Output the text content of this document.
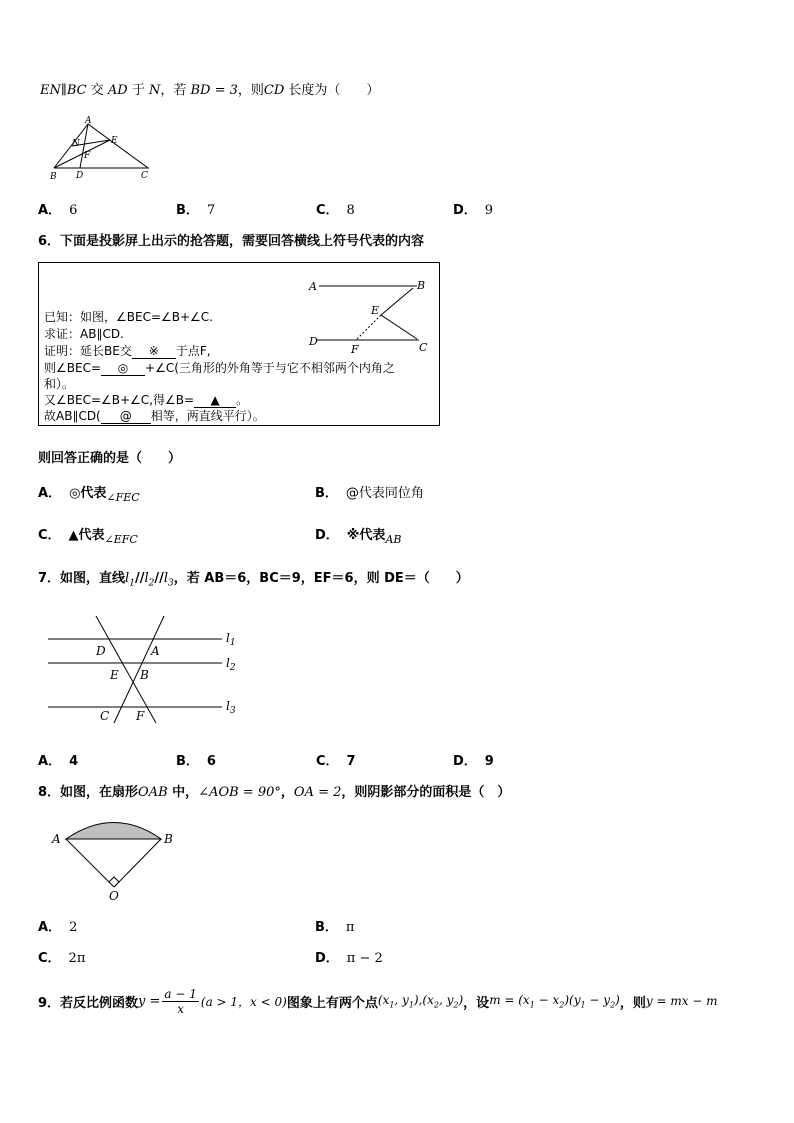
EN∥BC 交 AD 于 N，若 BD = 3，则CD 长度为（　　）
A
E
N
F
B D	C
A． 6	B． 7	C． 8	D． 9
6．下面是投影屏上出示的抢答题，需要回答横线上符号代表的内容
A	B
E
D
F	C
已知：如图，∠BEC=∠B+∠C.
求证：AB∥CD.
证明：延长BE交 ※ 于点F,
则∠BEC= ◎ +∠C(三角形的外角等于与它不相邻两个内角之
和）。
又∠BEC=∠B+∠C,得∠B= ▲ 。
故AB∥CD( @ 相等，两直线平行）。
则回答正确的是（　　）
A． ◎代表$_{\angle FEC}$	B． @代表同位角
C． ▲代表$_{\angle EFC}$	D． ※代表$_{AB}$
7．如图，直线$l_1//l_2//l_3$，若 AB＝6，BC＝9，EF＝6，则 DE＝（　　）
D	A
E B
C F
$l_1$
$l_2$
$l_3$
A． 4	B． 6	C． 7	D． 9
8．如图，在扇形OAB 中，∠AOB = 90°，OA = 2，则阴影部分的面积是（　）
A	B
O
A． 2	B． π
C． 2π	D． π − 2
9．若反比例函数 $y = \frac{a - 1}{x} (a > 1$，x < 0) 图象上有两个点 ($x_1$, $y_1),(x_2$, $y_2$) ，设 $m = (x_1 - x_2)(y_1 - y_2)$ ，则 y = mx − m
